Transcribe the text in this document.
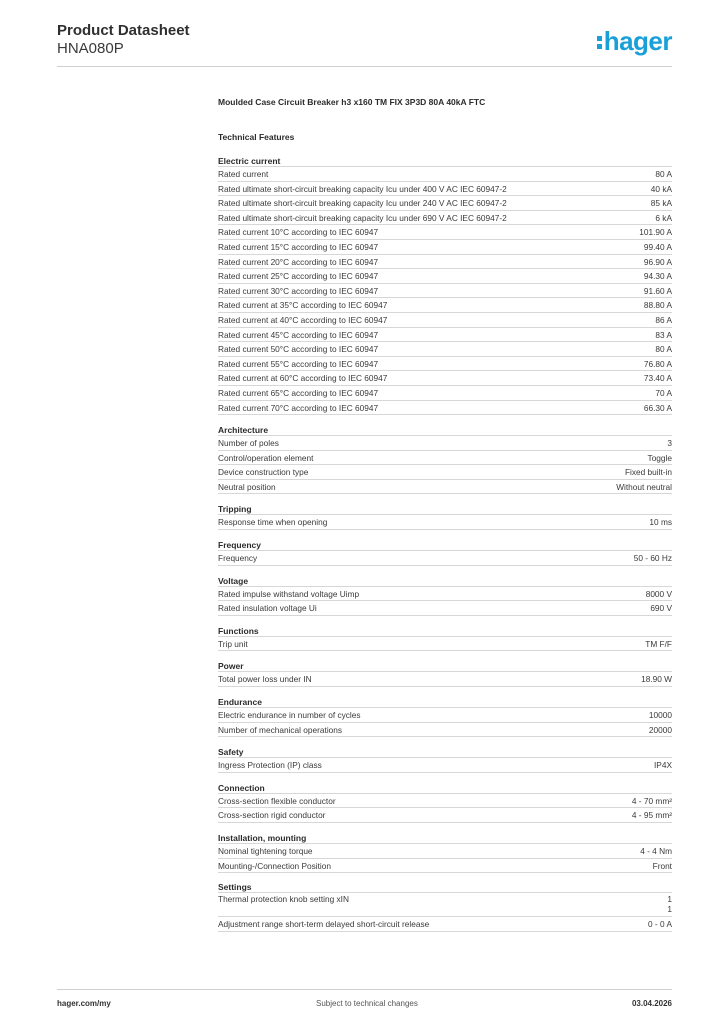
Product Datasheet
HNA080P	hager
Moulded Case Circuit Breaker h3 x160 TM FIX 3P3D 80A 40kA FTC
Technical Features
Electric current
Rated current	80 A
Rated ultimate short-circuit breaking capacity Icu under 400 V AC IEC 60947-2	40 kA
Rated ultimate short-circuit breaking capacity Icu under 240 V AC IEC 60947-2	85 kA
Rated ultimate short-circuit breaking capacity Icu under 690 V AC IEC 60947-2	6 kA
Rated current 10°C according to IEC 60947	101.90 A
Rated current 15°C according to IEC 60947	99.40 A
Rated current 20°C according to IEC 60947	96.90 A
Rated current 25°C according to IEC 60947	94.30 A
Rated current 30°C according to IEC 60947	91.60 A
Rated current at 35°C according to IEC 60947	88.80 A
Rated current at 40°C according to IEC 60947	86 A
Rated current 45°C according to IEC 60947	83 A
Rated current 50°C according to IEC 60947	80 A
Rated current 55°C according to IEC 60947	76.80 A
Rated current at 60°C according to IEC 60947	73.40 A
Rated current 65°C according to IEC 60947	70 A
Rated current 70°C according to IEC 60947	66.30 A
Architecture
Number of poles	3
Control/operation element	Toggle
Device construction type	Fixed built-in
Neutral position	Without neutral
Tripping
Response time when opening	10 ms
Frequency
Frequency	50 - 60 Hz
Voltage
Rated impulse withstand voltage Uimp	8000 V
Rated insulation voltage Ui	690 V
Functions
Trip unit	TM F/F
Power
Total power loss under IN	18.90 W
Endurance
Electric endurance in number of cycles	10000
Number of mechanical operations	20000
Safety
Ingress Protection (IP) class	IP4X
Connection
Cross-section flexible conductor	4 - 70 mm²
Cross-section rigid conductor	4 - 95 mm²
Installation, mounting
Nominal tightening torque	4 - 4 Nm
Mounting-/Connection Position	Front
Settings
Thermal protection knob setting xIN	1
1
Adjustment range short-term delayed short-circuit release	0 - 0 A
hager.com/my	Subject to technical changes	03.04.2026
